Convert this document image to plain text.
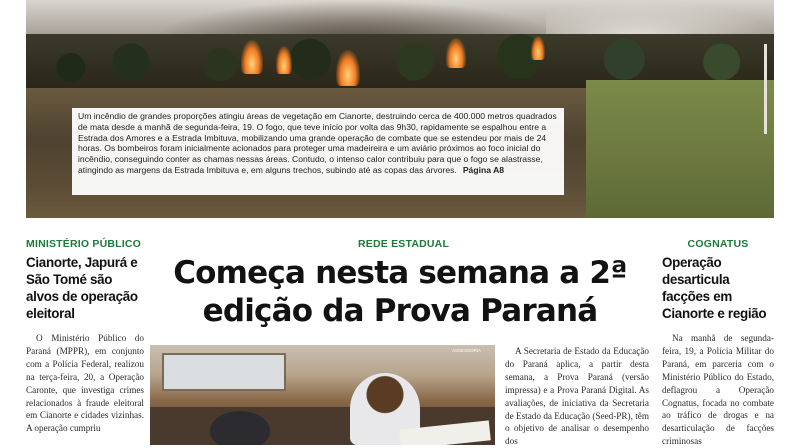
Um incêndio de grandes proporções atingiu áreas de vegetação em Cianorte, destruindo cerca de 400.000 metros quadrados de mata desde a manhã de segunda-feira, 19. O fogo, que teve início por volta das 9h30, rapidamente se espalhou entre a Estrada dos Amores e a Estrada Imbituva, mobilizando uma grande operação de combate que se estendeu por mais de 24 horas. Os bombeiros foram inicialmente acionados para proteger uma madeireira e um aviário próximos ao foco inicial do incêndio, conseguindo conter as chamas nessas áreas. Contudo, o intenso calor contribuiu para que o fogo se alastrasse, atingindo as margens da Estrada Imbituva e, em alguns trechos, subindo até as copas das árvores. Página A8
MINISTÉRIO PÚBLICO
Cianorte, Japurá e São Tomé são alvos de operação eleitoral
O Ministério Público do Paraná (MPPR), em conjunto com a Polícia Federal, realizou na terça-feira, 20, a Operação Caronte, que investiga crimes relacionados à fraude eleitoral em Cianorte e cidades vizinhas. A operação cumpriu
REDE ESTADUAL
Começa nesta semana a 2ª edição da Prova Paraná
ASSESSORIA	A Secretaria de Estado da Educação do Paraná aplica, a partir desta semana, a Prova Paraná (versão impressa) e a Prova Paraná Digital. As avaliações, de iniciativa da Secretaria de Estado da Educação (Seed-PR), têm o objetivo de analisar o desempenho dos
COGNATUS
Operação desarticula facções em Cianorte e região
Na manhã de segunda-feira, 19, a Polícia Militar do Paraná, em parceria com o Ministério Público do Estado, deflagrou a Operação Cognatus, focada no combate ao tráfico de drogas e na desarticulação de facções criminosas
